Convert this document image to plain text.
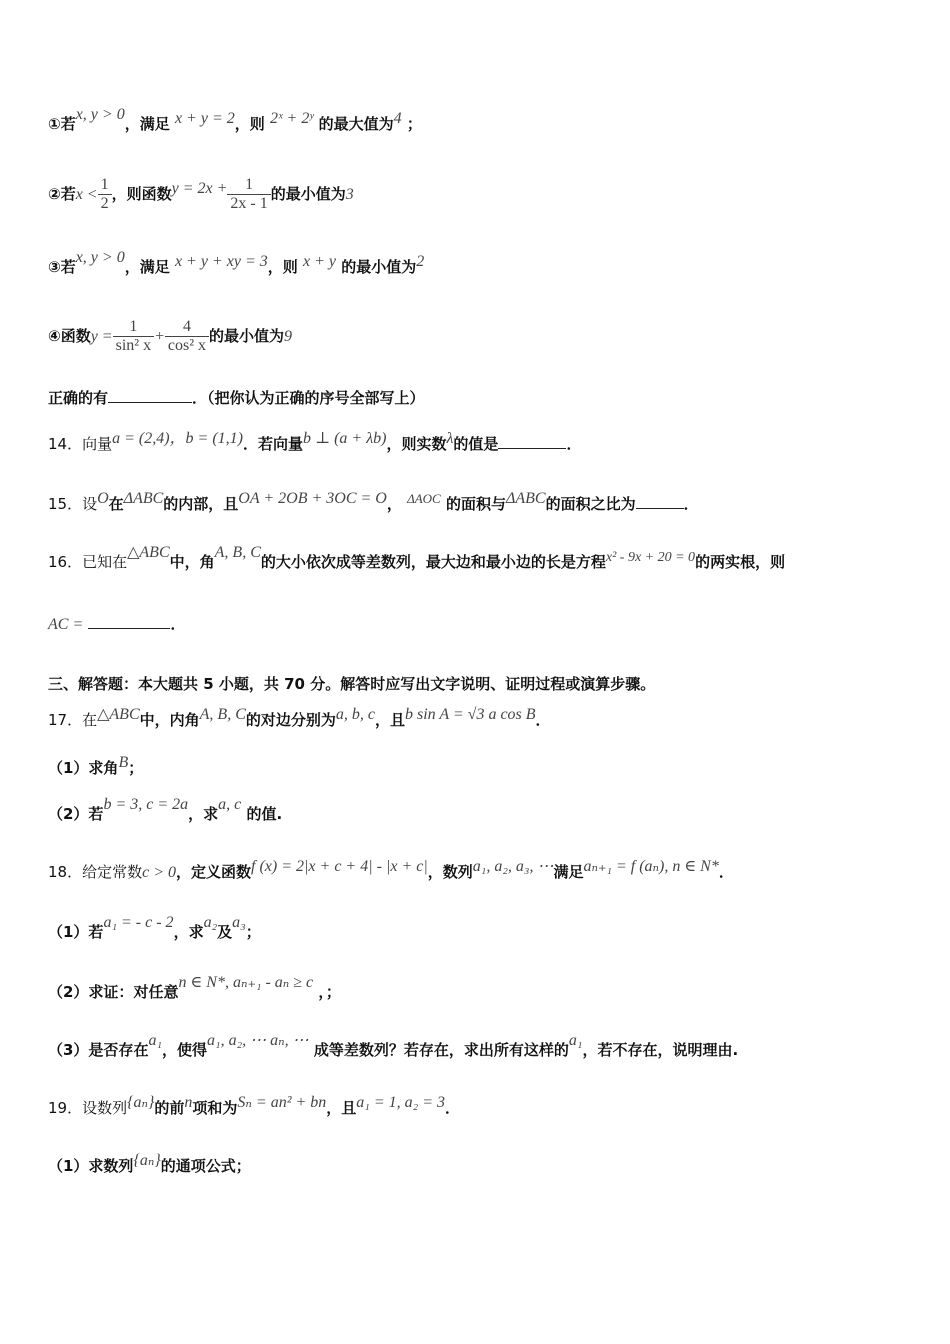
①若x, y > 0，满足 x + y = 2，则 2ˣ + 2ʸ 的最大值为4 ；
②若$x < \frac{1}{2}$ ，则函数$y = 2x + \frac{1}{2x - 1}$ 的最小值为3
③若x, y > 0，满足 x + y + xy = 3，则 x + y 的最小值为2
④函数$y = \frac{1}{\text{sin² x}} + \frac{4}{\text{cos² x}}$ 的最小值为9
正确的有	．（把你认为正确的序号全部写上）
14．向量a = (2,4)，b = (1,1)．若向量b ⊥ (a + λb)，则实数λ的值是	．
15．设O在ΔABC的内部，且OA + 2OB + 3OC = O， ΔAOC 的面积与ΔABC的面积之比为	．
16．已知在△ABC中，角A, B, C的大小依次成等差数列，最大边和最小边的长是方程x² - 9x + 20 = 0的两实根，则
AC =	．
三、解答题：本大题共 5 小题，共 70 分。解答时应写出文字说明、证明过程或演算步骤。
17．在△ABC中，内角A, B, C的对边分别为a, b, c，且b sin A = √3 a cos B．
（1）求角B；
（2）若b = 3, c = 2a，求a, c 的值.
18．给定常数c > 0，定义函数f (x) = 2|x + c + 4| - |x + c|，数列a₁, a₂, a₃, ⋯满足aₙ₊₁ = f (aₙ), n ∈ N*．
（1）若a₁ = - c - 2，求a₂及a₃；
（2）求证：对任意n ∈ N*, aₙ₊₁ - aₙ ≥ c ，；
（3）是否存在a₁，使得a₁, a₂, ⋯ aₙ, ⋯ 成等差数列？若存在，求出所有这样的a₁，若不存在，说明理由.
19．设数列{aₙ}的前n项和为Sₙ = an² + bn，且a₁ = 1, a₂ = 3．
（1）求数列{aₙ}的通项公式；
